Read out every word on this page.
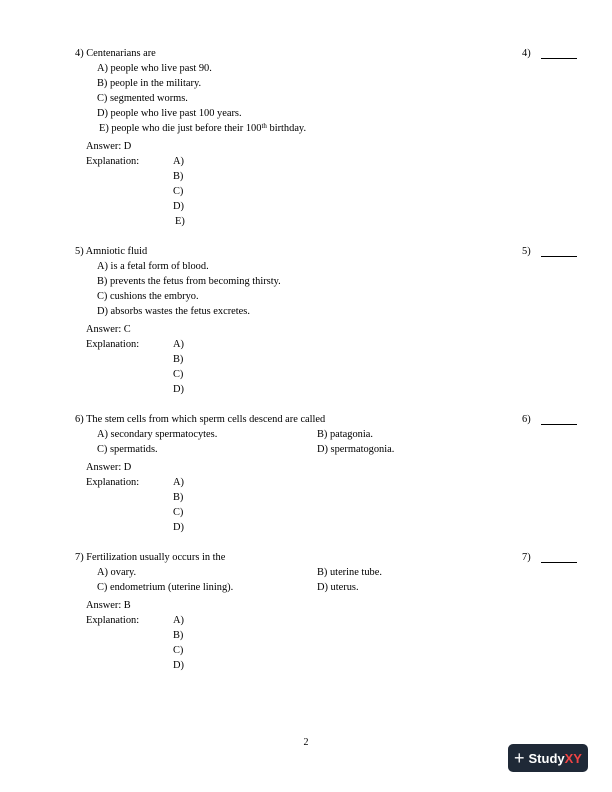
4) Centenarians are	4)
A) people who live past 90.
B) people in the military.
C) segmented worms.
D) people who live past 100 years.
E) people who die just before their 100th birthday.
Answer: D
Explanation:	A)
B)
C)
D)
E)
5) Amniotic fluid	5)
A) is a fetal form of blood.
B) prevents the fetus from becoming thirsty.
C) cushions the embryo.
D) absorbs wastes the fetus excretes.
Answer: C
Explanation:	A)
B)
C)
D)
6) The stem cells from which sperm cells descend are called	6)
A) secondary spermatocytes.	B) patagonia.
C) spermatids.	D) spermatogonia.
Answer: D
Explanation:	A)
B)
C)
D)
7) Fertilization usually occurs in the	7)
A) ovary.	B) uterine tube.
C) endometrium (uterine lining).	D) uterus.
Answer: B
Explanation:	A)
B)
C)
D)
2
+ StudyXY
